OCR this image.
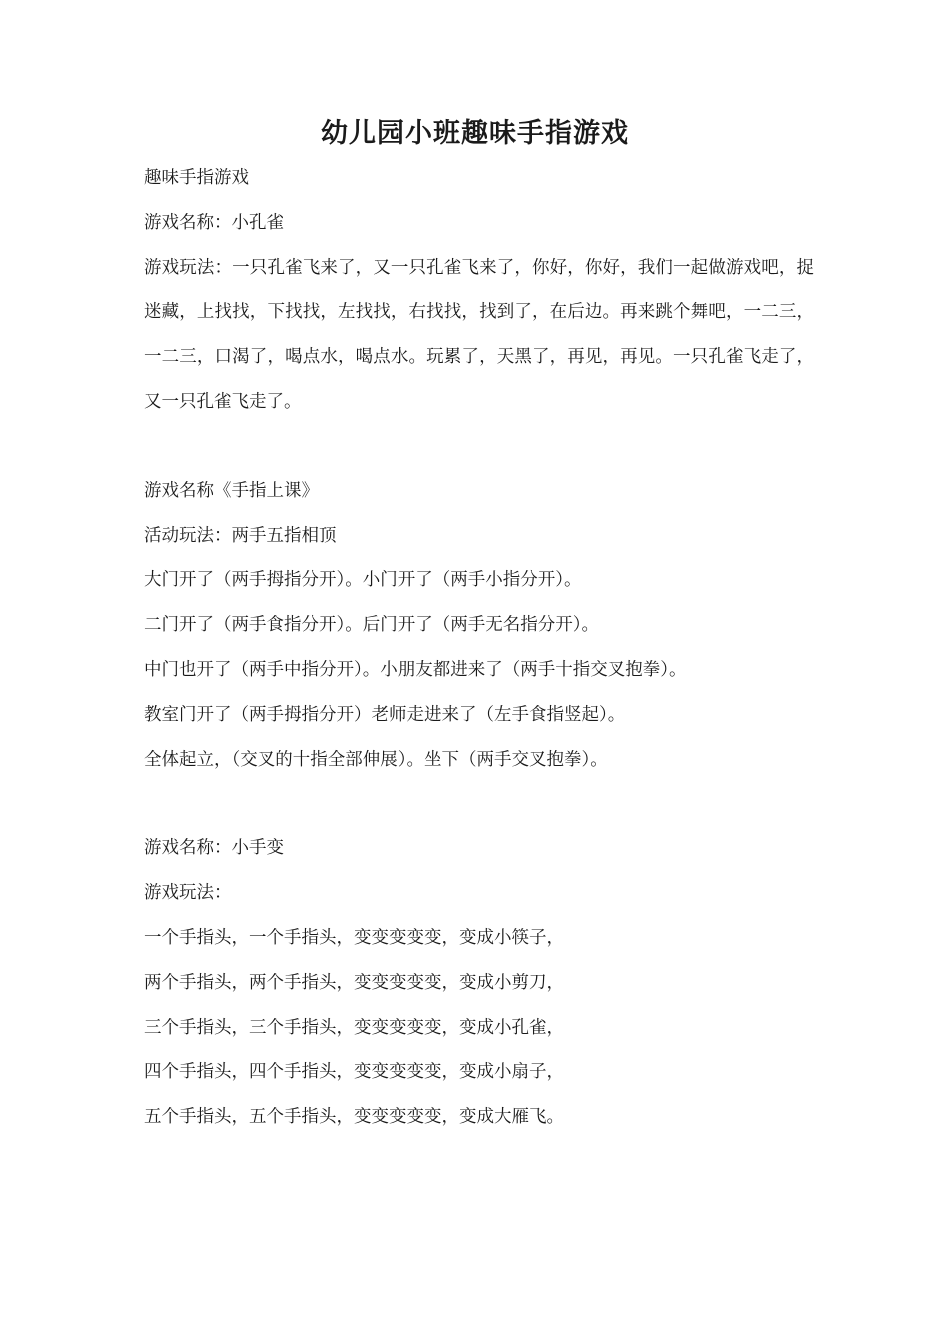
幼儿园小班趣味手指游戏
趣味手指游戏
游戏名称：小孔雀
游戏玩法：一只孔雀飞来了，又一只孔雀飞来了，你好，你好，我们一起做游戏吧，捉迷藏，上找找，下找找，左找找，右找找，找到了，在后边。再来跳个舞吧，一二三，一二三，口渴了，喝点水，喝点水。玩累了，天黑了，再见，再见。一只孔雀飞走了，又一只孔雀飞走了。
游戏名称《手指上课》
活动玩法：两手五指相顶
大门开了（两手拇指分开）。小门开了（两手小指分开）。
二门开了（两手食指分开）。后门开了（两手无名指分开）。
中门也开了（两手中指分开）。小朋友都进来了（两手十指交叉抱拳）。
教室门开了（两手拇指分开）老师走进来了（左手食指竖起）。
全体起立，（交叉的十指全部伸展）。坐下（两手交叉抱拳）。
游戏名称：小手变
游戏玩法：
一个手指头，一个手指头，变变变变变，变成小筷子，
两个手指头，两个手指头，变变变变变，变成小剪刀，
三个手指头，三个手指头，变变变变变，变成小孔雀，
四个手指头，四个手指头，变变变变变，变成小扇子，
五个手指头，五个手指头，变变变变变，变成大雁飞。
